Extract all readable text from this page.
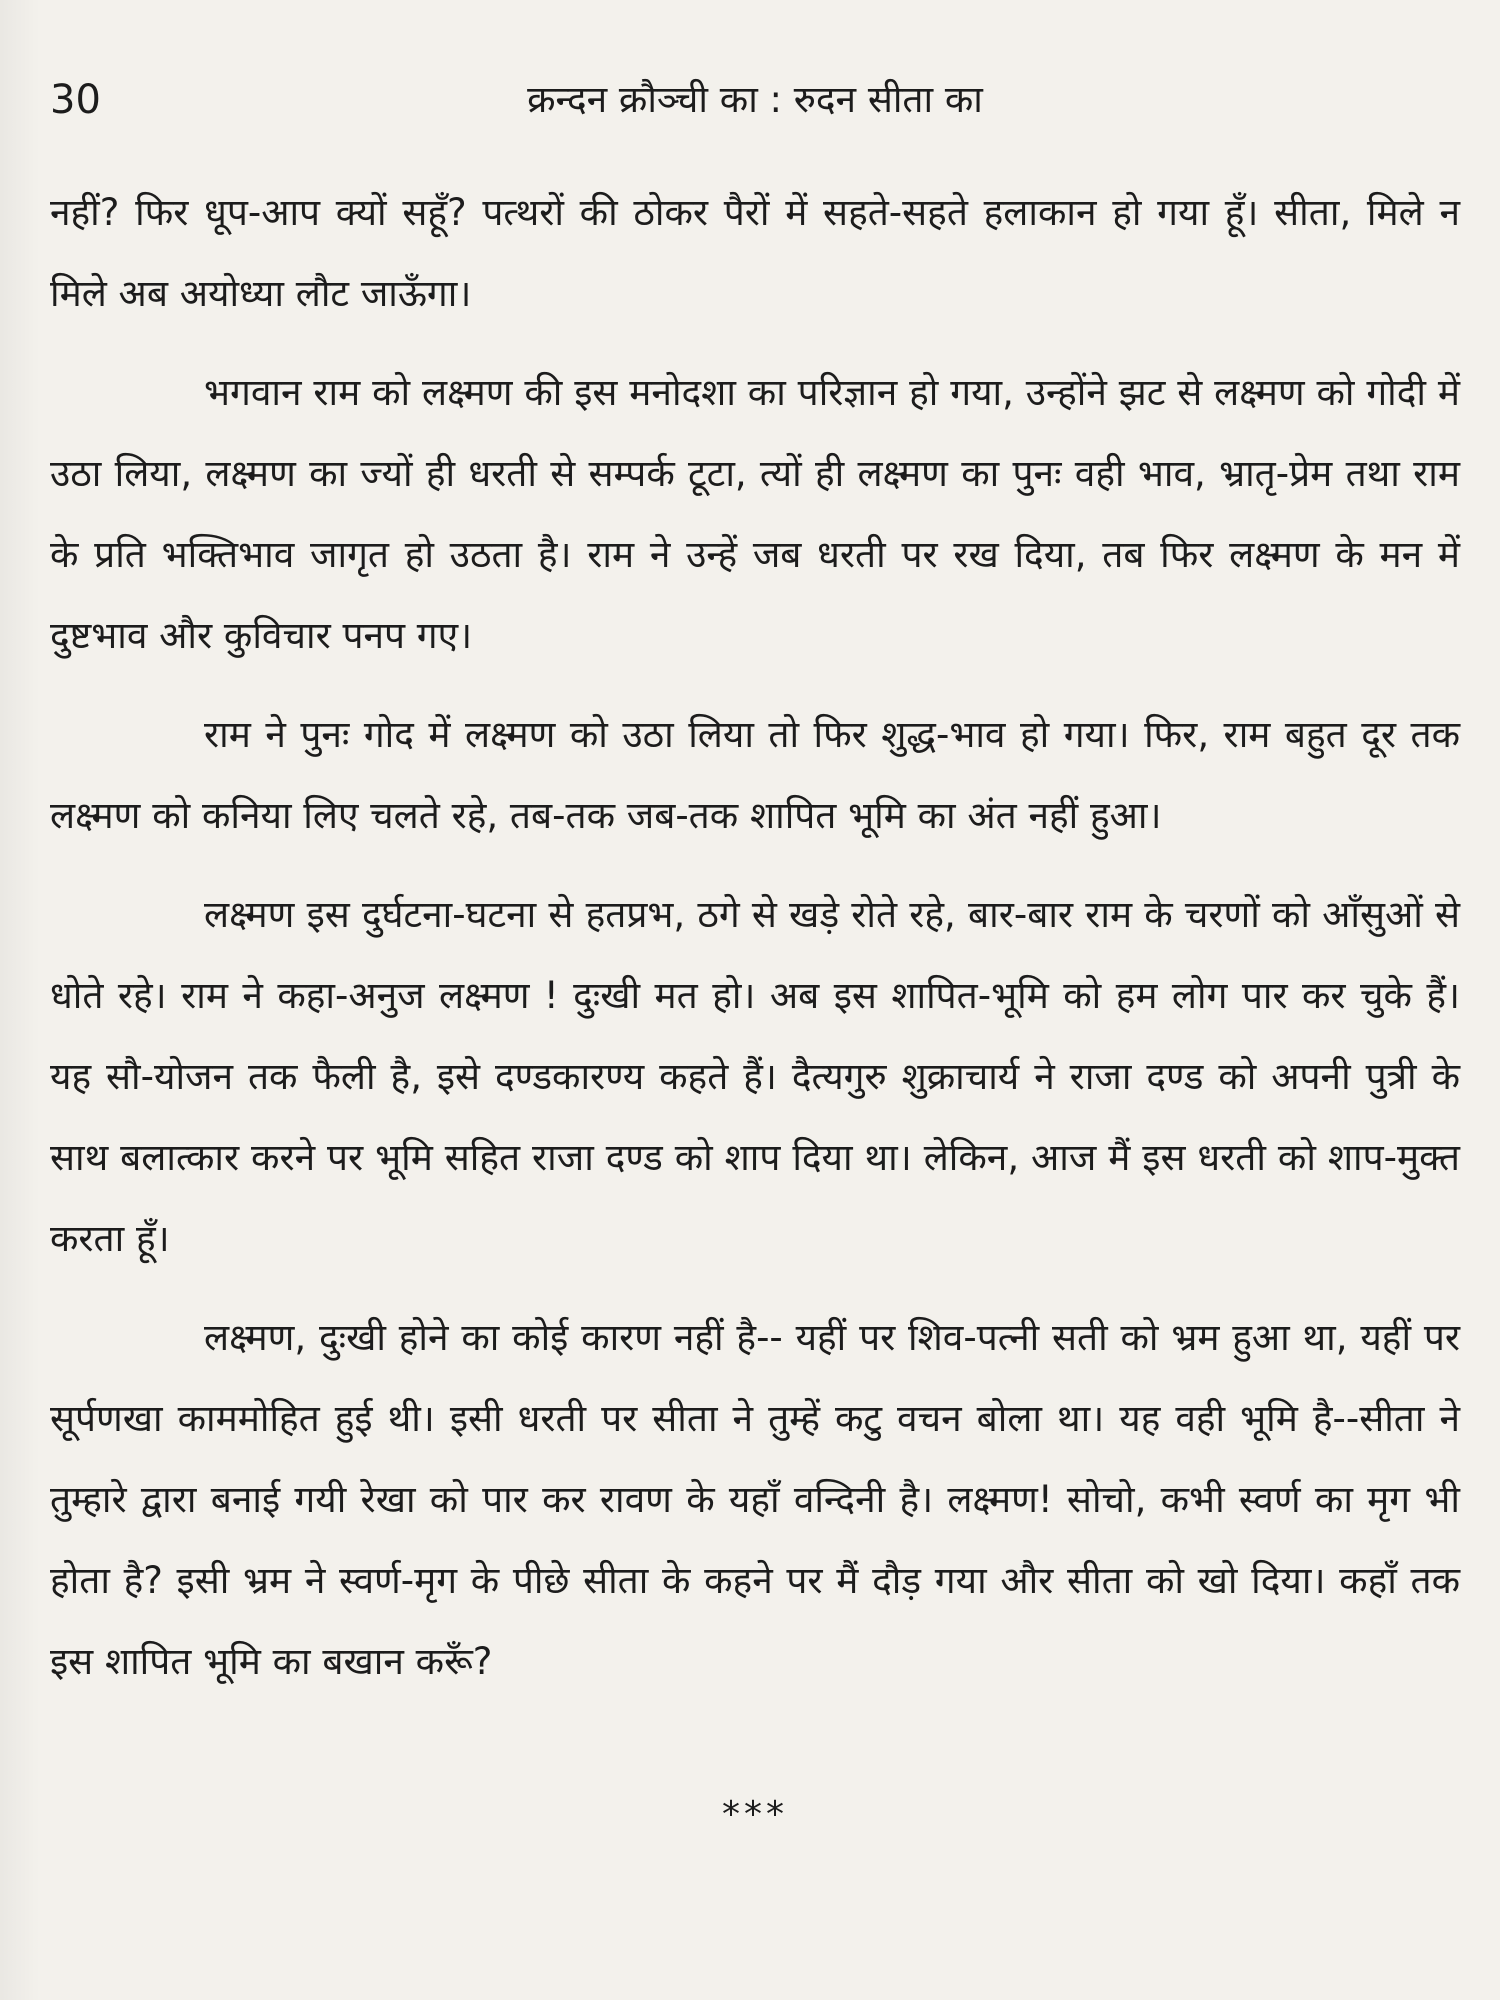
30	क्रन्दन क्रौञ्ची का : रुदन सीता का

नहीं? फिर धूप-आप क्यों सहूँ? पत्थरों की ठोकर पैरों में सहते-सहते हलाकान हो गया हूँ। सीता, मिले न मिले अब अयोध्या लौट जाऊँगा।

भगवान राम को लक्ष्मण की इस मनोदशा का परिज्ञान हो गया, उन्होंने झट से लक्ष्मण को गोदी में उठा लिया, लक्ष्मण का ज्यों ही धरती से सम्पर्क टूटा, त्यों ही लक्ष्मण का पुनः वही भाव, भ्रातृ-प्रेम तथा राम के प्रति भक्तिभाव जागृत हो उठता है। राम ने उन्हें जब धरती पर रख दिया, तब फिर लक्ष्मण के मन में दुष्टभाव और कुविचार पनप गए।

राम ने पुनः गोद में लक्ष्मण को उठा लिया तो फिर शुद्ध-भाव हो गया। फिर, राम बहुत दूर तक लक्ष्मण को कनिया लिए चलते रहे, तब-तक जब-तक शापित भूमि का अंत नहीं हुआ।

लक्ष्मण इस दुर्घटना-घटना से हतप्रभ, ठगे से खड़े रोते रहे, बार-बार राम के चरणों को आँसुओं से धोते रहे। राम ने कहा-अनुज लक्ष्मण ! दुःखी मत हो। अब इस शापित-भूमि को हम लोग पार कर चुके हैं। यह सौ-योजन तक फैली है, इसे दण्डकारण्य कहते हैं। दैत्यगुरु शुक्राचार्य ने राजा दण्ड को अपनी पुत्री के साथ बलात्कार करने पर भूमि सहित राजा दण्ड को शाप दिया था। लेकिन, आज मैं इस धरती को शाप-मुक्त करता हूँ।

लक्ष्मण, दुःखी होने का कोई कारण नहीं है-- यहीं पर शिव-पत्नी सती को भ्रम हुआ था, यहीं पर सूर्पणखा काममोहित हुई थी। इसी धरती पर सीता ने तुम्हें कटु वचन बोला था। यह वही भूमि है--सीता ने तुम्हारे द्वारा बनाई गयी रेखा को पार कर रावण के यहाँ वन्दिनी है। लक्ष्मण! सोचो, कभी स्वर्ण का मृग भी होता है? इसी भ्रम ने स्वर्ण-मृग के पीछे सीता के कहने पर मैं दौड़ गया और सीता को खो दिया। कहाँ तक इस शापित भूमि का बखान करूँ?

***
